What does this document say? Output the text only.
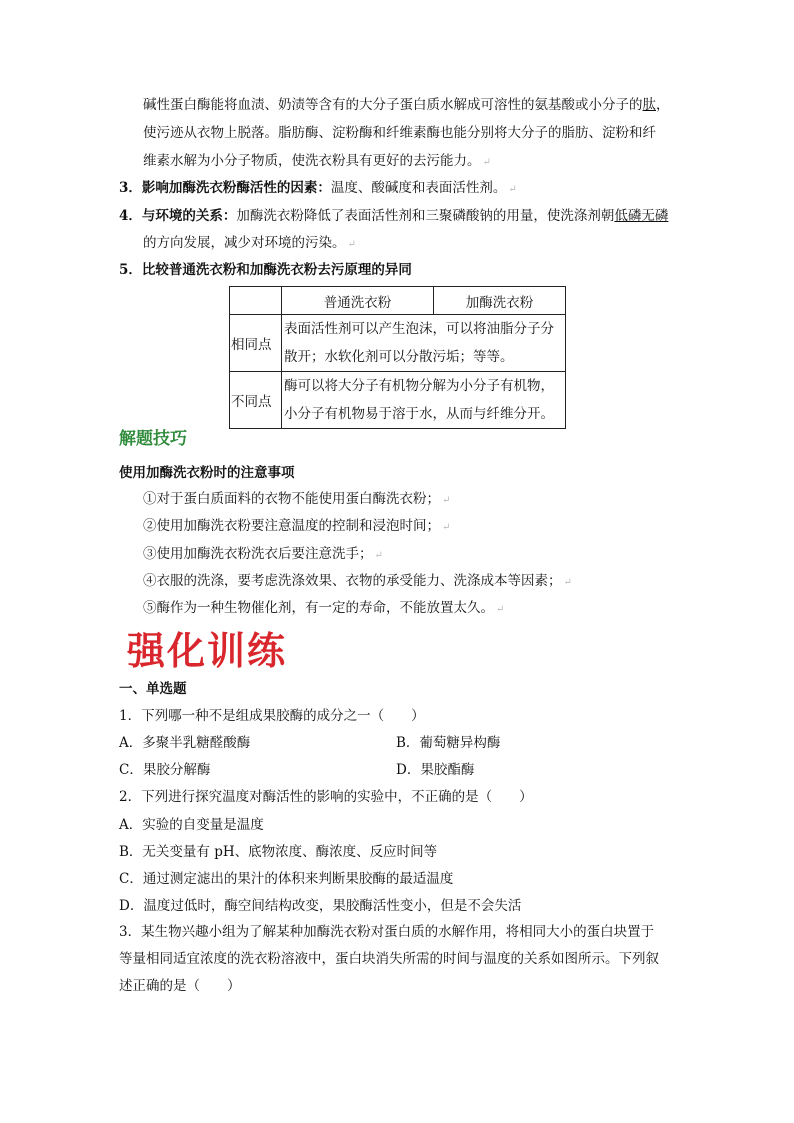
碱性蛋白酶能将血渍、奶渍等含有的大分子蛋白质水解成可溶性的氨基酸或小分子的肽，
使污迹从衣物上脱落。脂肪酶、淀粉酶和纤维素酶也能分别将大分子的脂肪、淀粉和纤
维素水解为小分子物质，使洗衣粉具有更好的去污能力。 ↵
3．影响加酶洗衣粉酶活性的因素：温度、酸碱度和表面活性剂。 ↵
4．与环境的关系：加酶洗衣粉降低了表面活性剂和三聚磷酸钠的用量，使洗涤剂朝低磷无磷
的方向发展，减少对环境的污染。 ↵
5．比较普通洗衣粉和加酶洗衣粉去污原理的异同
	普通洗衣粉	加酶洗衣粉
相同点	表面活性剂可以产生泡沫，可以将油脂分子分
散开；水软化剂可以分散污垢；等等。	

不同点	酶可以将大分子有机物分解为小分子有机物，
小分子有机物易于溶于水，从而与纤维分开。	
解题技巧
使用加酶洗衣粉时的注意事项
①对于蛋白质面料的衣物不能使用蛋白酶洗衣粉； ↵
②使用加酶洗衣粉要注意温度的控制和浸泡时间； ↵
③使用加酶洗衣粉洗衣后要注意洗手； ↵
④衣服的洗涤，要考虑洗涤效果、衣物的承受能力、洗涤成本等因素； ↵
⑤酶作为一种生物催化剂，有一定的寿命，不能放置太久。 ↵
强化训练
一、单选题
1．下列哪一种不是组成果胶酶的成分之一（　　）
A．多聚半乳糖醛酸酶	B．葡萄糖异构酶
C．果胶分解酶	D．果胶酯酶
2．下列进行探究温度对酶活性的影响的实验中，不正确的是（　　）
A．实验的自变量是温度
B．无关变量有 pH、底物浓度、酶浓度、反应时间等
C．通过测定滤出的果汁的体积来判断果胶酶的最适温度
D．温度过低时，酶空间结构改变，果胶酶活性变小，但是不会失活
3．某生物兴趣小组为了解某种加酶洗衣粉对蛋白质的水解作用，将相同大小的蛋白块置于
等量相同适宜浓度的洗衣粉溶液中，蛋白块消失所需的时间与温度的关系如图所示。下列叙
述正确的是（　　）
